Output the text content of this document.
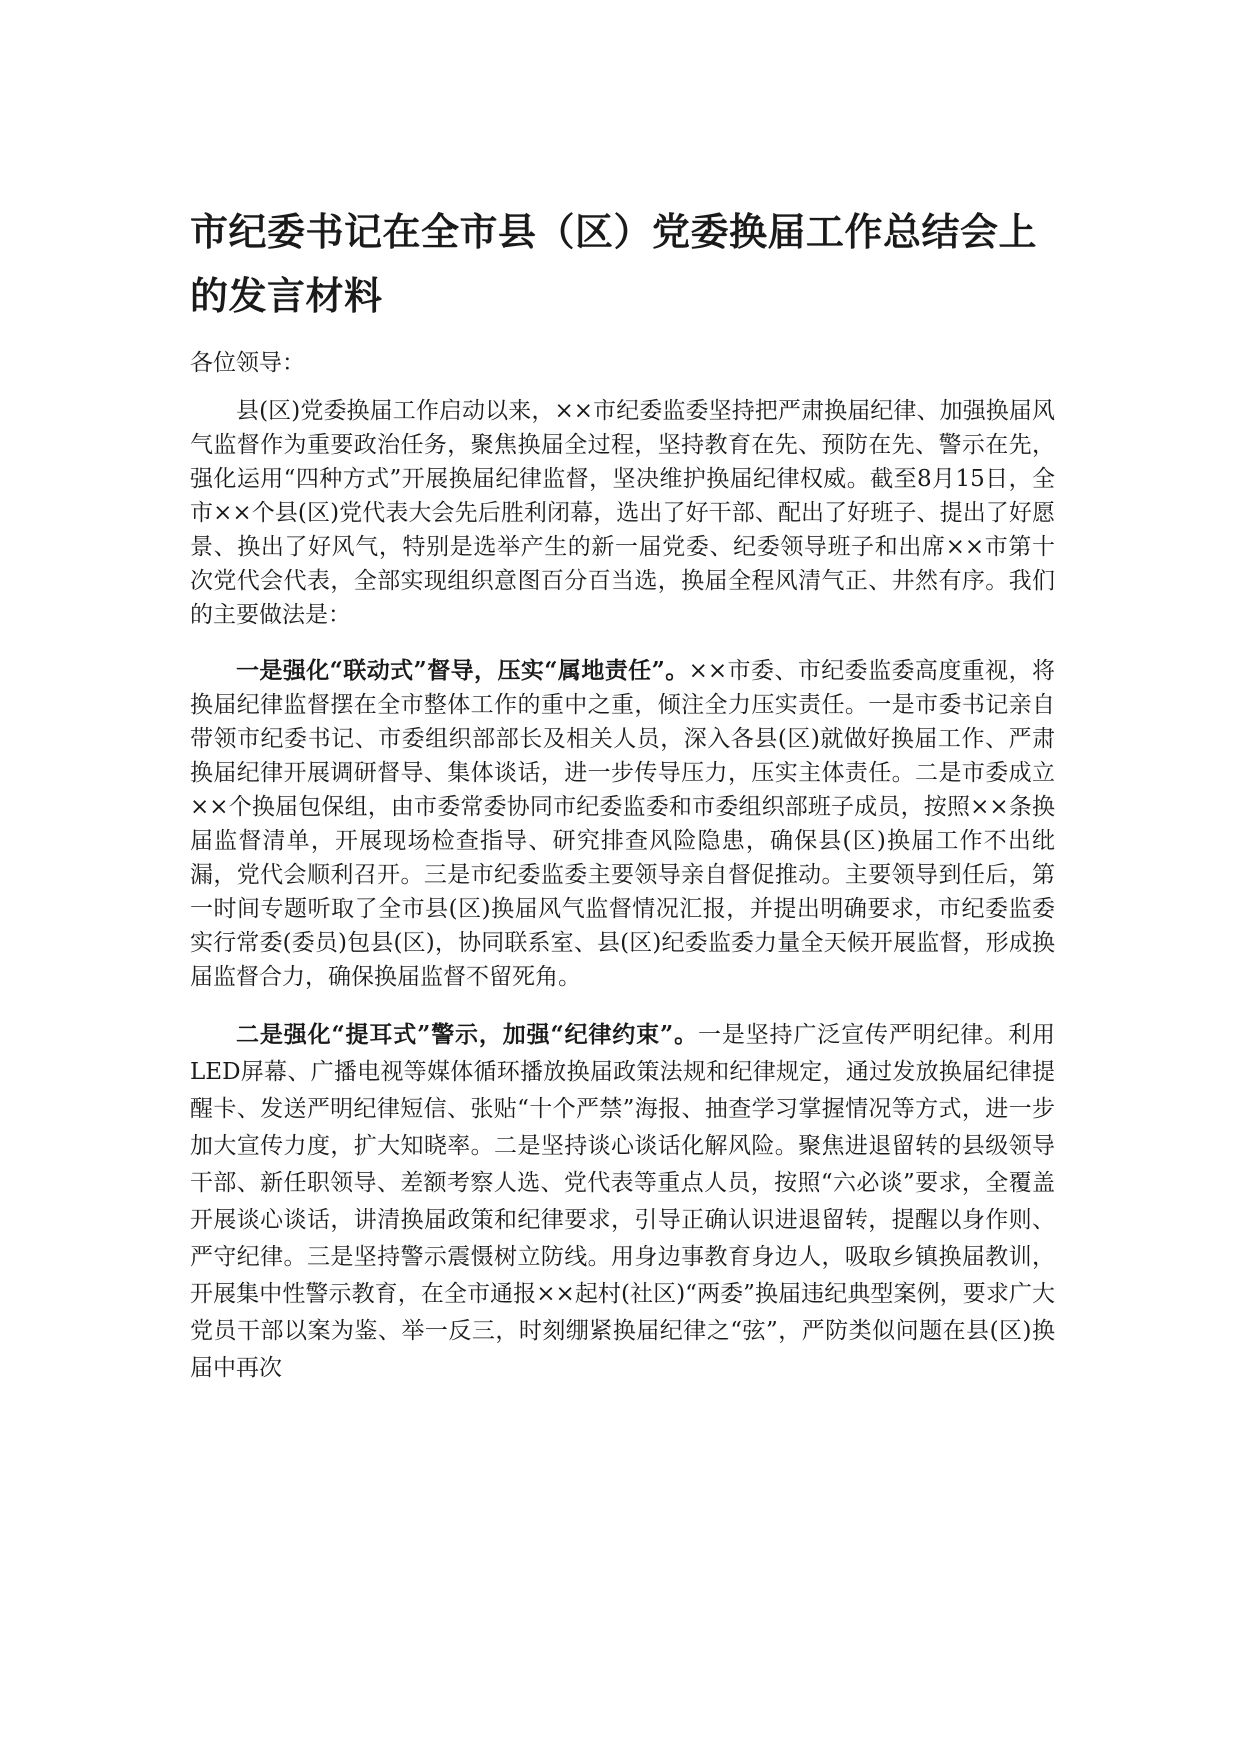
市纪委书记在全市县（区）党委换届工作总结会上的发言材料

各位领导：

县(区)党委换届工作启动以来，××市纪委监委坚持把严肃换届纪律、加强换届风气监督作为重要政治任务，聚焦换届全过程，坚持教育在先、预防在先、警示在先，强化运用“四种方式”开展换届纪律监督，坚决维护换届纪律权威。截至8月15日，全市××个县(区)党代表大会先后胜利闭幕，选出了好干部、配出了好班子、提出了好愿景、换出了好风气，特别是选举产生的新一届党委、纪委领导班子和出席××市第十次党代会代表，全部实现组织意图百分百当选，换届全程风清气正、井然有序。我们的主要做法是：

一是强化“联动式”督导，压实“属地责任”。××市委、市纪委监委高度重视，将换届纪律监督摆在全市整体工作的重中之重，倾注全力压实责任。一是市委书记亲自带领市纪委书记、市委组织部部长及相关人员，深入各县(区)就做好换届工作、严肃换届纪律开展调研督导、集体谈话，进一步传导压力，压实主体责任。二是市委成立××个换届包保组，由市委常委协同市纪委监委和市委组织部班子成员，按照××条换届监督清单，开展现场检查指导、研究排查风险隐患，确保县(区)换届工作不出纰漏，党代会顺利召开。三是市纪委监委主要领导亲自督促推动。主要领导到任后，第一时间专题听取了全市县(区)换届风气监督情况汇报，并提出明确要求，市纪委监委实行常委(委员)包县(区)，协同联系室、县(区)纪委监委力量全天候开展监督，形成换届监督合力，确保换届监督不留死角。

二是强化“提耳式”警示，加强“纪律约束”。一是坚持广泛宣传严明纪律。利用LED屏幕、广播电视等媒体循环播放换届政策法规和纪律规定，通过发放换届纪律提醒卡、发送严明纪律短信、张贴“十个严禁”海报、抽查学习掌握情况等方式，进一步加大宣传力度，扩大知晓率。二是坚持谈心谈话化解风险。聚焦进退留转的县级领导干部、新任职领导、差额考察人选、党代表等重点人员，按照“六必谈”要求，全覆盖开展谈心谈话，讲清换届政策和纪律要求，引导正确认识进退留转，提醒以身作则、严守纪律。三是坚持警示震慑树立防线。用身边事教育身边人，吸取乡镇换届教训，开展集中性警示教育，在全市通报××起村(社区)“两委”换届违纪典型案例，要求广大党员干部以案为鉴、举一反三，时刻绷紧换届纪律之“弦”，严防类似问题在县(区)换届中再次
